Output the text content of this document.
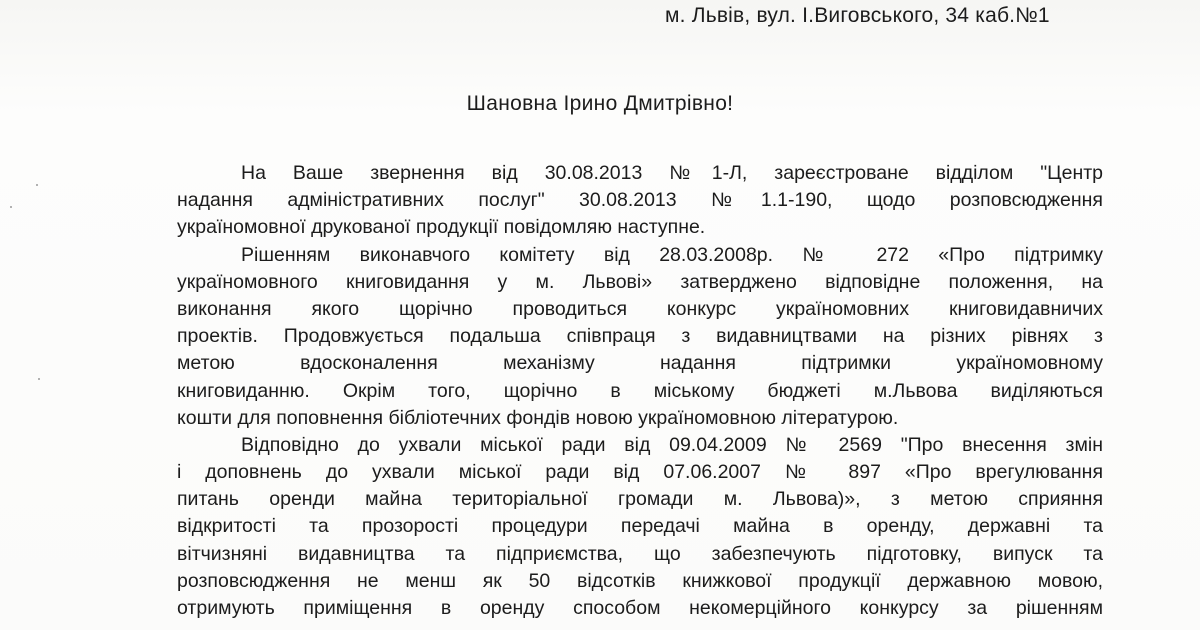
м. Львів, вул. І.Виговського, 34 каб.№1
Шановна Ірино Дмитрівно!
На Ваше звернення від 30.08.2013 №1-Л, зареєстроване відділом "Центр
надання адміністративних послуг" 30.08.2013 №1.1-190, щодо розповсюдження
україномовної друкованої продукції повідомляю наступне.
Рішенням виконавчого комітету від 28.03.2008р. № 272 «Про підтримку
україномовного книговидання у м. Львові» затверджено відповідне положення, на
виконання якого щорічно проводиться конкурс україномовних книговидавничих
проектів. Продовжується подальша співпраця з видавництвами на різних рівнях з
метою вдосконалення механізму надання підтримки україномовному
книговиданню. Окрім того, щорічно в міському бюджеті м.Львова виділяються
кошти для поповнення бібліотечних фондів новою україномовною літературою.
Відповідно до ухвали міської ради від 09.04.2009 № 2569 "Про внесення змін
і доповнень до ухвали міської ради від 07.06.2007 № 897 «Про врегулювання
питань оренди майна територіальної громади м. Львова)», з метою сприяння
відкритості та прозорості процедури передачі майна в оренду, державні та
вітчизняні видавництва та підприємства, що забезпечують підготовку, випуск та
розповсюдження не менш як 50 відсотків книжкової продукції державною мовою,
отримують приміщення в оренду способом некомерційного конкурсу за рішенням
